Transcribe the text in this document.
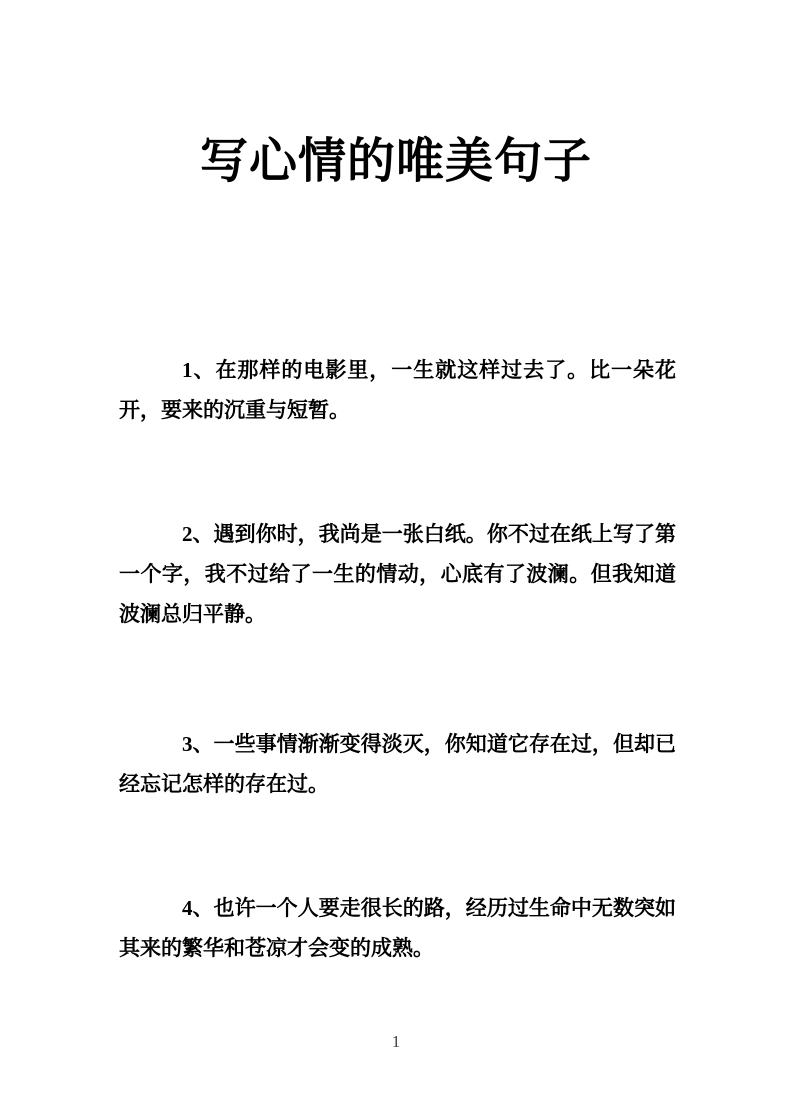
写心情的唯美句子

1、在那样的电影里，一生就这样过去了。比一朵花开，要来的沉重与短暂。

2、遇到你时，我尚是一张白纸。你不过在纸上写了第一个字，我不过给了一生的情动，心底有了波澜。但我知道波澜总归平静。

3、一些事情渐渐变得淡灭，你知道它存在过，但却已经忘记怎样的存在过。

4、也许一个人要走很长的路，经历过生命中无数突如其来的繁华和苍凉才会变的成熟。

1
